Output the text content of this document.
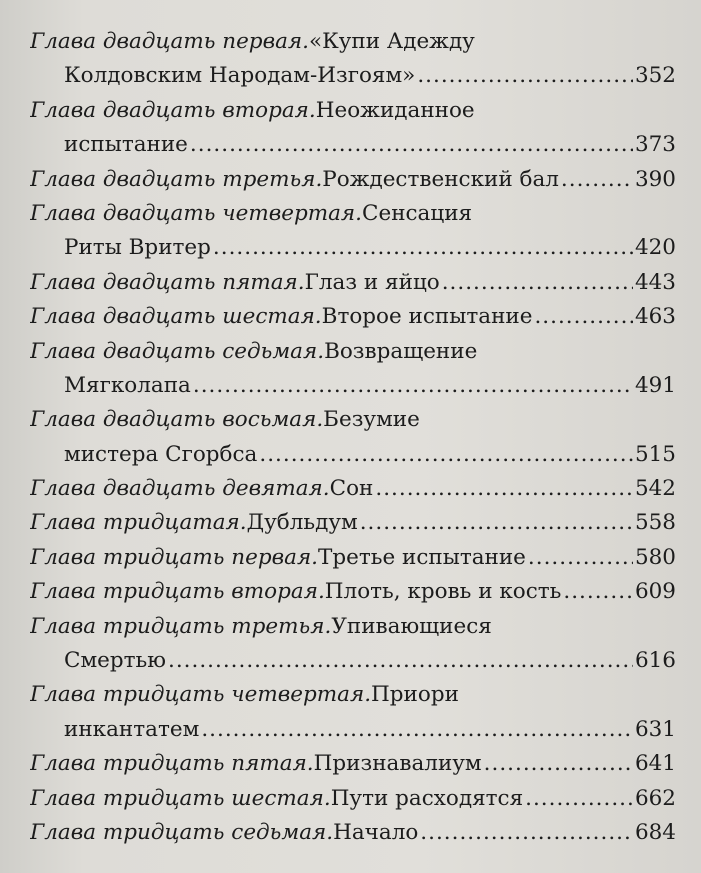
Глава двадцать первая. «Купи Адежду
Колдовским Народам-Изгоям» .....	352
Глава двадцать вторая. Неожиданное
испытание .....	373
Глава двадцать третья. Рождественский бал .....	390
Глава двадцать четвертая. Сенсация
Риты Вритер .....	420
Глава двадцать пятая. Глаз и яйцо .....	443
Глава двадцать шестая. Второе испытание .....	463
Глава двадцать седьмая. Возвращение
Мягколапа .....	491
Глава двадцать восьмая. Безумие
мистера Сгорбса .....	515
Глава двадцать девятая. Сон .....	542
Глава тридцатая. Дубльдум .....	558
Глава тридцать первая. Третье испытание .....	580
Глава тридцать вторая. Плоть, кровь и кость .....	609
Глава тридцать третья. Упивающиеся
Смертью .....	616
Глава тридцать четвертая. Приори
инкантатем .....	631
Глава тридцать пятая. Признавалиум .....	641
Глава тридцать шестая. Пути расходятся .....	662
Глава тридцать седьмая. Начало .....	684
